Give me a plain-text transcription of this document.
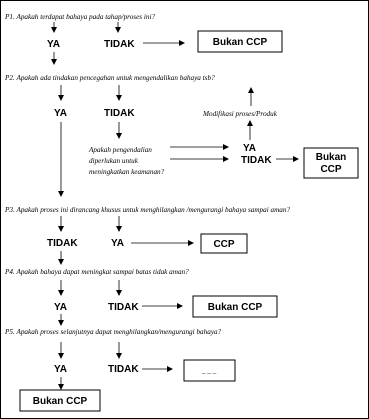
P1. Apakah terdapat bahaya pada tahap/proses ini?
YA	TIDAK	Bukan CCP
P2. Apakah ada tindakan pencegahan untuk mengendalikan bahaya tsb?
YA	TIDAK
Apakah pengendalian
diperlukan untuk
meningkatkan keamanan?
YA
TIDAK
Modifikasi proses/Produk
Bukan
CCP
P3. Apakah proses ini dirancang khusus untuk menghilangkan /mengurangi bahaya sampai aman?
TIDAK	YA	CCP
P4. Apakah bahaya dapat meningkat sampai batas tidak aman?
YA	TIDAK	Bukan CCP
P5. Apakah proses selanjutnya dapat menghilangkan/mengurangi bahaya?
YA	TIDAK	_ _ _
Bukan CCP
